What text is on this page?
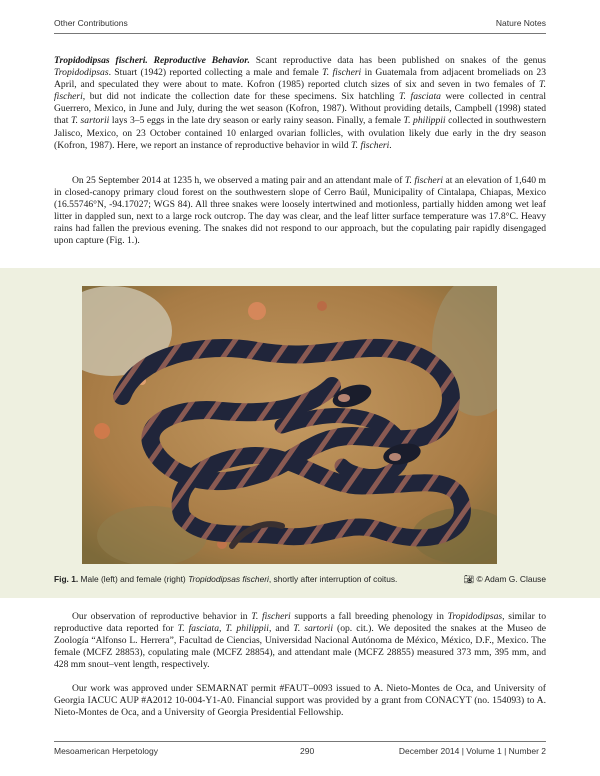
Other Contributions	Nature Notes

Tropidodipsas fischeri. Reproductive Behavior. Scant reproductive data has been published on snakes of the genus Tropidodipsas. Stuart (1942) reported collecting a male and female T. fischeri in Guatemala from adjacent bromeliads on 23 April, and speculated they were about to mate. Kofron (1985) reported clutch sizes of six and seven in two females of T. fischeri, but did not indicate the collection date for these specimens. Six hatchling T. fasciata were collected in central Guerrero, Mexico, in June and July, during the wet season (Kofron, 1987). Without providing details, Campbell (1998) stated that T. sartorii lays 3–5 eggs in the late dry season or early rainy season. Finally, a female T. philippii collected in southwestern Jalisco, Mexico, on 23 October contained 10 enlarged ovarian follicles, with ovulation likely due early in the dry season (Kofron, 1987). Here, we report an instance of reproductive behavior in wild T. fischeri.

On 25 September 2014 at 1235 h, we observed a mating pair and an attendant male of T. fischeri at an elevation of 1,640 m in closed-canopy primary cloud forest on the southwestern slope of Cerro Baúl, Municipality of Cintalapa, Chiapas, Mexico (16.55746°N, -94.17027; WGS 84). All three snakes were loosely intertwined and motionless, partially hidden among wet leaf litter in dappled sun, next to a large rock outcrop. The day was clear, and the leaf litter surface temperature was 17.8°C. Heavy rains had fallen the previous evening. The snakes did not respond to our approach, but the copulating pair rapidly disengaged upon capture (Fig. 1.).

Fig. 1. Male (left) and female (right) Tropidodipsas fischeri, shortly after interruption of coitus.	📷︎ © Adam G. Clause

Our observation of reproductive behavior in T. fischeri supports a fall breeding phenology in Tropidodipsas, similar to reproductive data reported for T. fasciata, T. philippii, and T. sartorii (op. cit.). We deposited the snakes at the Museo de Zoología “Alfonso L. Herrera”, Facultad de Ciencias, Universidad Nacional Autónoma de México, México, D.F., Mexico. The female (MCFZ 28853), copulating male (MCFZ 28854), and attendant male (MCFZ 28855) measured 373 mm, 395 mm, and 428 mm snout–vent length, respectively.

Our work was approved under SEMARNAT permit #FAUT–0093 issued to A. Nieto-Montes de Oca, and University of Georgia IACUC AUP #A2012 10-004-Y1-A0. Financial support was provided by a grant from CONACYT (no. 154093) to A. Nieto-Montes de Oca, and a University of Georgia Presidential Fellowship.

Mesoamerican Herpetology	290	December 2014 | Volume 1 | Number 2
